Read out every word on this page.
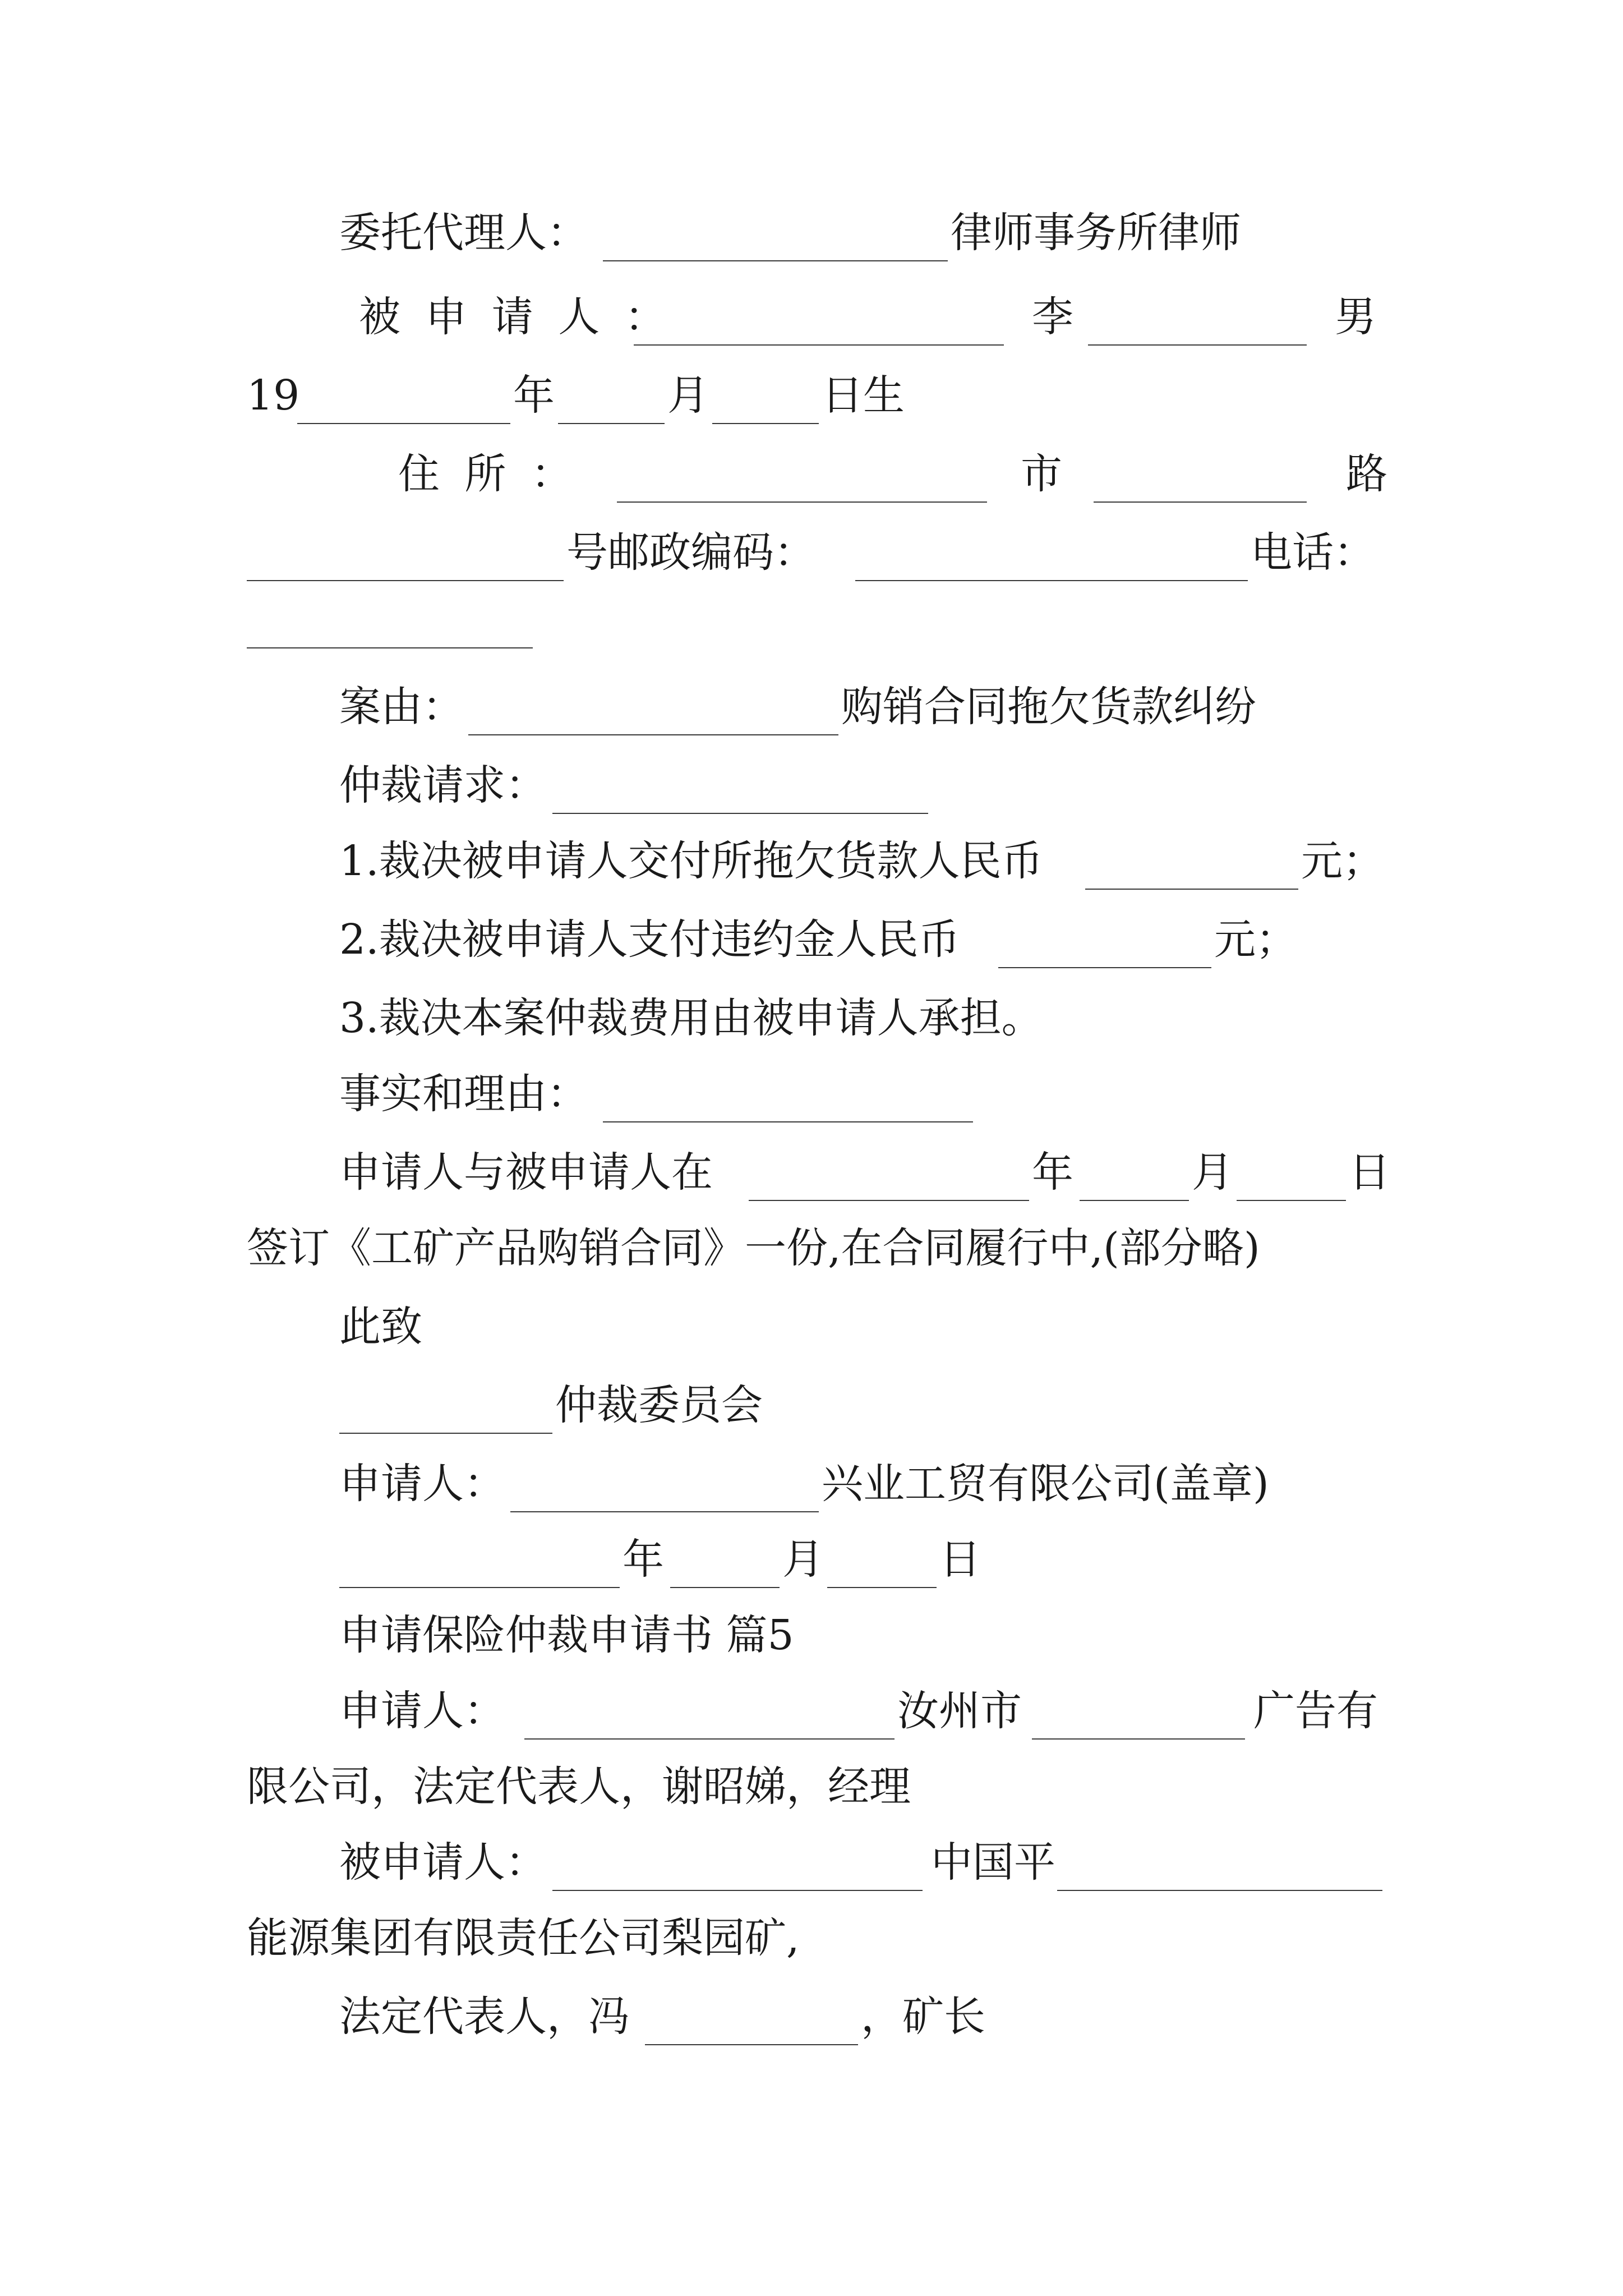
委托代理人：	律师事务所律师
被申请人：	李	男
19	年	月	日生
住所：	市	路
号邮政编码：	电话：
案由：	购销合同拖欠货款纠纷
仲裁请求：
1.裁决被申请人交付所拖欠货款人民币	元；
2.裁决被申请人支付违约金人民币	元；
3.裁决本案仲裁费用由被申请人承担。
事实和理由：
申请人与被申请人在	年	月	日
签订《工矿产品购销合同》一份,在合同履行中,(部分略)
此致
仲裁委员会
申请人：	兴业工贸有限公司(盖章)
年	月	日
申请保险仲裁申请书 篇5
申请人：	汝州市	广告有
限公司，法定代表人，谢昭娣，经理
被申请人：	中国平
能源集团有限责任公司梨园矿,
法定代表人，冯	，矿长
